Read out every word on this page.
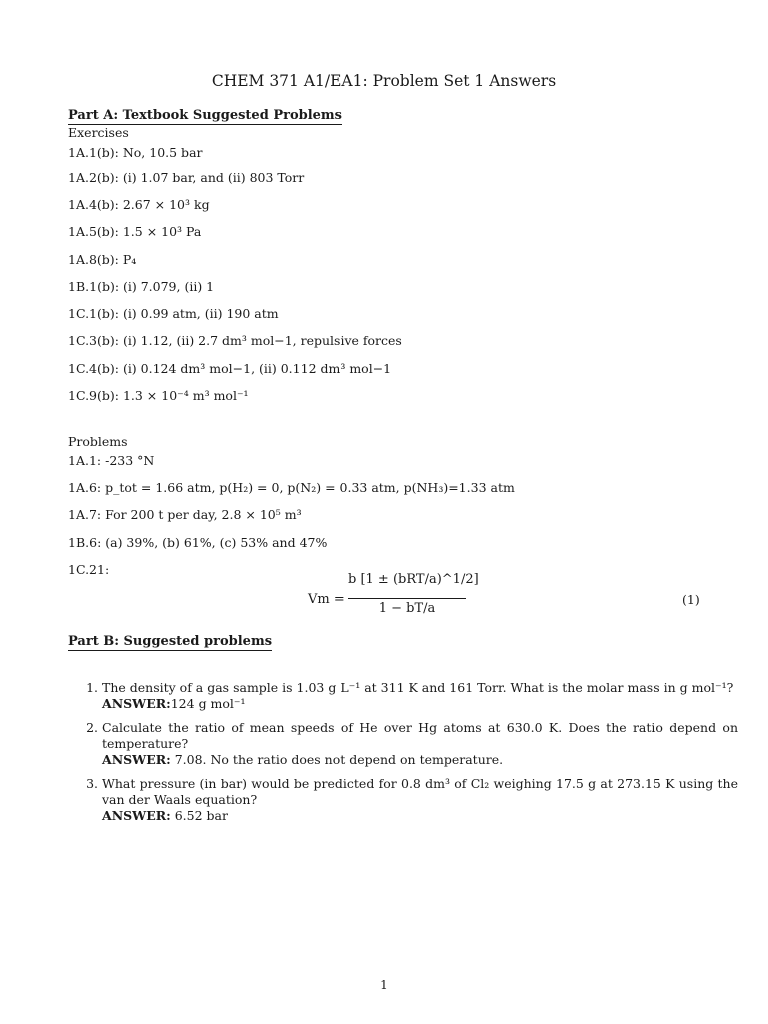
CHEM 371 A1/EA1: Problem Set 1 Answers
Part A: Textbook Suggested Problems
Exercises
1A.1(b): No, 10.5 bar
1A.2(b): (i) 1.07 bar, and (ii) 803 Torr
1A.4(b): 2.67 × 10³ kg
1A.5(b): 1.5 × 10³ Pa
1A.8(b): P₄
1B.1(b): (i) 7.079, (ii) 1
1C.1(b): (i) 0.99 atm, (ii) 190 atm
1C.3(b): (i) 1.12, (ii) 2.7 dm³ mol−1, repulsive forces
1C.4(b): (i) 0.124 dm³ mol−1, (ii) 0.112 dm³ mol−1
1C.9(b): 1.3 × 10⁻⁴ m³ mol⁻¹
Problems
1A.1: -233 °N
1A.6: p_tot = 1.66 atm, p(H₂) = 0, p(N₂) = 0.33 atm, p(NH₃)=1.33 atm
1A.7: For 200 t per day, 2.8 × 10⁵ m³
1B.6: (a) 39%, (b) 61%, (c) 53% and 47%
1C.21:
Vm =
b [1 ± (bRT/a)^1/2]
1 − bT/a
(1)
Part B: Suggested problems
1. The density of a gas sample is 1.03 g L⁻¹ at 311 K and 161 Torr. What is the molar mass in g mol⁻¹?
ANSWER:124 g mol⁻¹
2. Calculate the ratio of mean speeds of He over Hg atoms at 630.0 K. Does the ratio depend on temperature?
ANSWER: 7.08. No the ratio does not depend on temperature.
3. What pressure (in bar) would be predicted for 0.8 dm³ of Cl₂ weighing 17.5 g at 273.15 K using the van der Waals equation?
ANSWER: 6.52 bar
1
